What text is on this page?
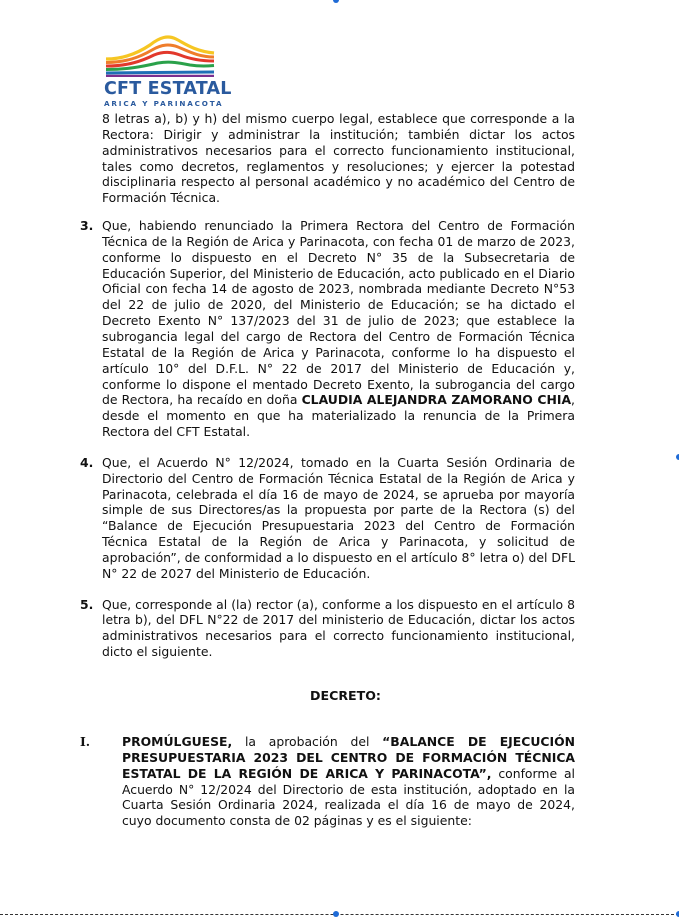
CFT ESTATAL
ARICA Y PARINACOTA
8 letras a), b) y h) del mismo cuerpo legal, establece que corresponde a la Rectora: Dirigir y administrar la institución; también dictar los actos administrativos necesarios para el correcto funcionamiento institucional, tales como decretos, reglamentos y resoluciones; y ejercer la potestad disciplinaria respecto al personal académico y no académico del Centro de Formación Técnica.
3. Que, habiendo renunciado la Primera Rectora del Centro de Formación Técnica de la Región de Arica y Parinacota, con fecha 01 de marzo de 2023, conforme lo dispuesto en el Decreto N° 35 de la Subsecretaria de Educación Superior, del Ministerio de Educación, acto publicado en el Diario Oficial con fecha 14 de agosto de 2023, nombrada mediante Decreto N°53 del 22 de julio de 2020, del Ministerio de Educación; se ha dictado el Decreto Exento N° 137/2023 del 31 de julio de 2023; que establece la subrogancia legal del cargo de Rectora del Centro de Formación Técnica Estatal de la Región de Arica y Parinacota, conforme lo ha dispuesto el artículo 10° del D.F.L. N° 22 de 2017 del Ministerio de Educación y, conforme lo dispone el mentado Decreto Exento, la subrogancia del cargo de Rectora, ha recaído en doña CLAUDIA ALEJANDRA ZAMORANO CHIA, desde el momento en que ha materializado la renuncia de la Primera Rectora del CFT Estatal.
4. Que, el Acuerdo N° 12/2024, tomado en la Cuarta Sesión Ordinaria de Directorio del Centro de Formación Técnica Estatal de la Región de Arica y Parinacota, celebrada el día 16 de mayo de 2024, se aprueba por mayoría simple de sus Directores/as la propuesta por parte de la Rectora (s) del “Balance de Ejecución Presupuestaria 2023 del Centro de Formación Técnica Estatal de la Región de Arica y Parinacota, y solicitud de aprobación”, de conformidad a lo dispuesto en el artículo 8° letra o) del DFL N° 22 de 2027 del Ministerio de Educación.
5. Que, corresponde al (la) rector (a), conforme a los dispuesto en el artículo 8 letra b), del DFL N°22 de 2017 del ministerio de Educación, dictar los actos administrativos necesarios para el correcto funcionamiento institucional, dicto el siguiente.
DECRETO:
I.	PROMÚLGUESE, la aprobación del “BALANCE DE EJECUCIÓN PRESUPUESTARIA 2023 DEL CENTRO DE FORMACIÓN TÉCNICA ESTATAL DE LA REGIÓN DE ARICA Y PARINACOTA”, conforme al Acuerdo N° 12/2024 del Directorio de esta institución, adoptado en la Cuarta Sesión Ordinaria 2024, realizada el día 16 de mayo de 2024, cuyo documento consta de 02 páginas y es el siguiente:
